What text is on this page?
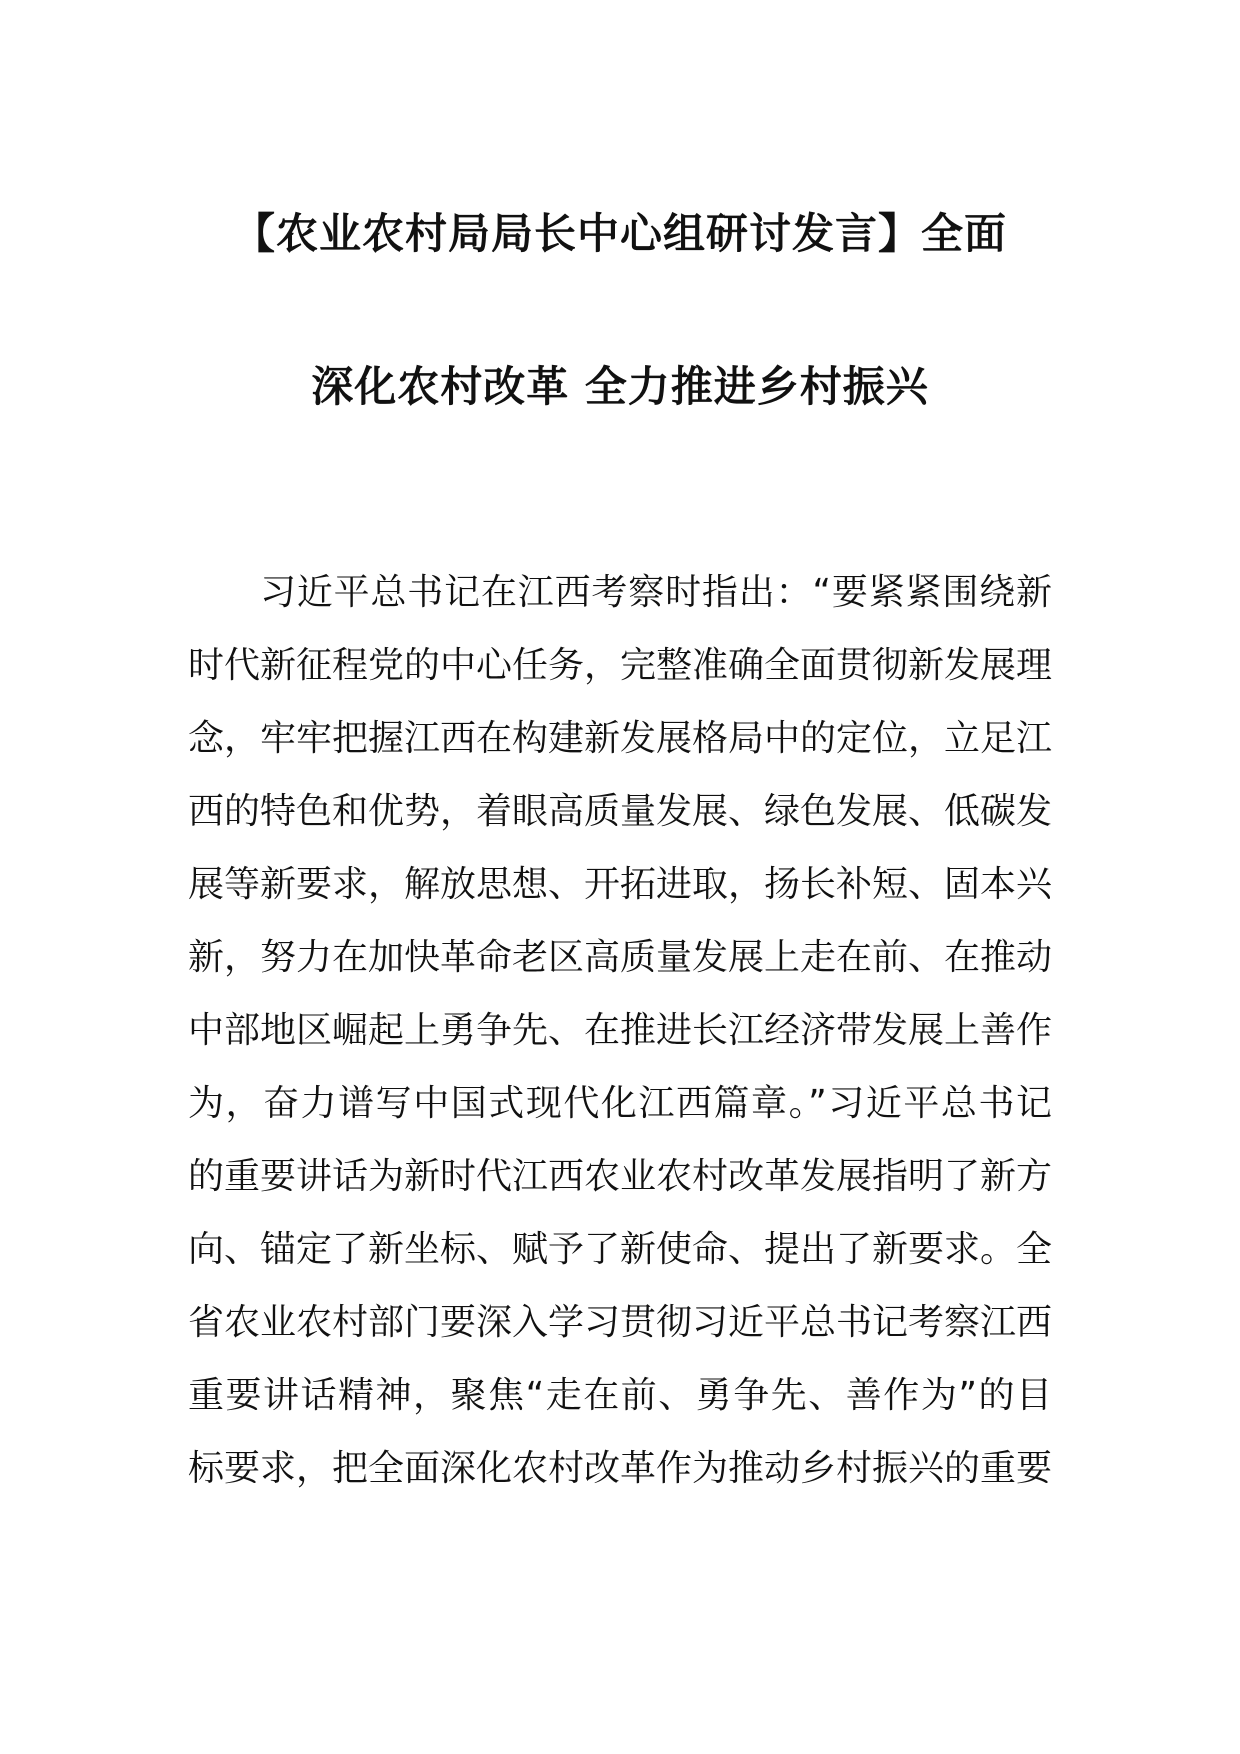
【农业农村局局长中心组研讨发言】全面
深化农村改革 全力推进乡村振兴
习近平总书记在江西考察时指出：“要紧紧围绕新
时代新征程党的中心任务，完整准确全面贯彻新发展理
念，牢牢把握江西在构建新发展格局中的定位，立足江
西的特色和优势，着眼高质量发展、绿色发展、低碳发
展等新要求，解放思想、开拓进取，扬长补短、固本兴
新，努力在加快革命老区高质量发展上走在前、在推动
中部地区崛起上勇争先、在推进长江经济带发展上善作
为，奋力谱写中国式现代化江西篇章。”习近平总书记
的重要讲话为新时代江西农业农村改革发展指明了新方
向、锚定了新坐标、赋予了新使命、提出了新要求。全
省农业农村部门要深入学习贯彻习近平总书记考察江西
重要讲话精神，聚焦“走在前、勇争先、善作为”的目
标要求，把全面深化农村改革作为推动乡村振兴的重要
